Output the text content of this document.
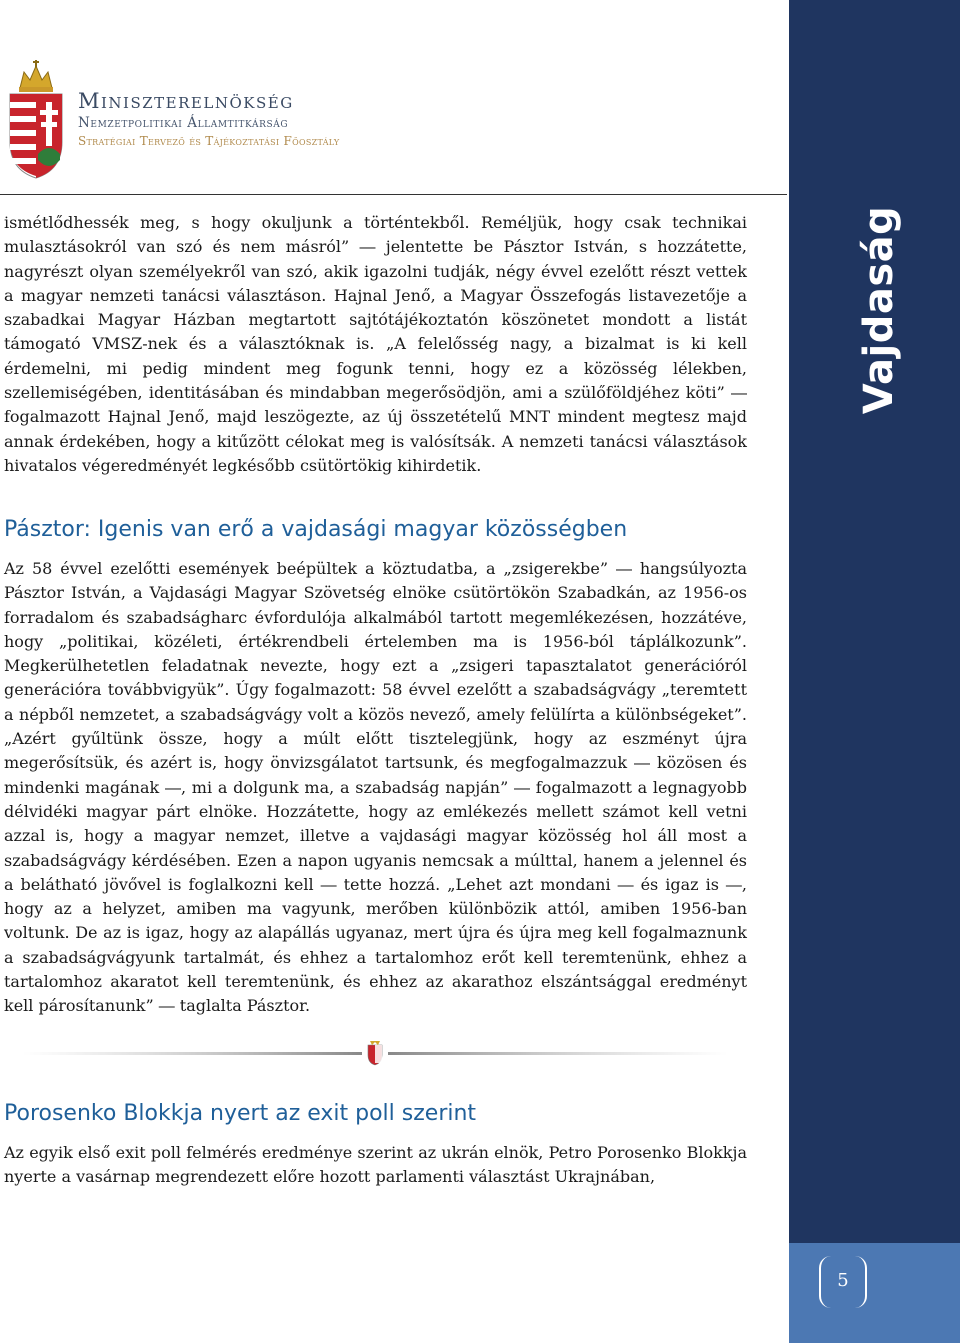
Miniszterelnökség
Nemzetpolitikai Államtitkárság
Stratégiai Tervező és Tájékoztatási Főosztály
Vajdaság
5

ismétlődhessék meg, s hogy okuljunk a történtekből. Reméljük, hogy csak technikai mulasztásokról van szó és nem másról” ― jelentette be Pásztor István, s hozzátette, nagyrészt olyan személyekről van szó, akik igazolni tudják, négy évvel ezelőtt részt vettek a magyar nemzeti tanácsi választáson. Hajnal Jenő, a Magyar Összefogás listavezetője a szabadkai Magyar Házban megtartott sajtótájékoztatón köszönetet mondott a listát támogató VMSZ-nek és a választóknak is. „A felelősség nagy, a bizalmat is ki kell érdemelni, mi pedig mindent meg fogunk tenni, hogy ez a közösség lélekben, szellemiségében, identitásában és mindabban megerősödjön, ami a szülőföldjéhez köti” ― fogalmazott Hajnal Jenő, majd leszögezte, az új összetételű MNT mindent megtesz majd annak érdekében, hogy a kitűzött célokat meg is valósítsák. A nemzeti tanácsi választások hivatalos végeredményét legkésőbb csütörtökig kihirdetik.

Pásztor: Igenis van erő a vajdasági magyar közösségben

Az 58 évvel ezelőtti események beépültek a köztudatba, a „zsigerekbe” ― hangsúlyozta Pásztor István, a Vajdasági Magyar Szövetség elnöke csütörtökön Szabadkán, az 1956-os forradalom és szabadságharc évfordulója alkalmából tartott megemlékezésen, hozzátéve, hogy „politikai, közéleti, értékrendbeli értelemben ma is 1956-ból táplálkozunk”. Megkerülhetetlen feladatnak nevezte, hogy ezt a „zsigeri tapasztalatot generációról generációra továbbvigyük”. Úgy fogalmazott: 58 évvel ezelőtt a szabadságvágy „teremtett a népből nemzetet, a szabadságvágy volt a közös nevező, amely felülírta a különbségeket”. „Azért gyűltünk össze, hogy a múlt előtt tisztelegjünk, hogy az eszményt újra megerősítsük, és azért is, hogy önvizsgálatot tartsunk, és megfogalmazzuk ― közösen és mindenki magának ―, mi a dolgunk ma, a szabadság napján” ― fogalmazott a legnagyobb délvidéki magyar párt elnöke. Hozzátette, hogy az emlékezés mellett számot kell vetni azzal is, hogy a magyar nemzet, illetve a vajdasági magyar közösség hol áll most a szabadságvágy kérdésében. Ezen a napon ugyanis nemcsak a múlttal, hanem a jelennel és a belátható jövővel is foglalkozni kell ― tette hozzá. „Lehet azt mondani ― és igaz is ―, hogy az a helyzet, amiben ma vagyunk, merőben különbözik attól, amiben 1956-ban voltunk. De az is igaz, hogy az alapállás ugyanaz, mert újra és újra meg kell fogalmaznunk a szabadságvágyunk tartalmát, és ehhez a tartalomhoz erőt kell teremtenünk, ehhez a tartalomhoz akaratot kell teremtenünk, és ehhez az akarathoz elszántsággal eredményt kell párosítanunk” ― taglalta Pásztor.

Porosenko Blokkja nyert az exit poll szerint

Az egyik első exit poll felmérés eredménye szerint az ukrán elnök, Petro Porosenko Blokkja nyerte a vasárnap megrendezett előre hozott parlamenti választást Ukrajnában,
